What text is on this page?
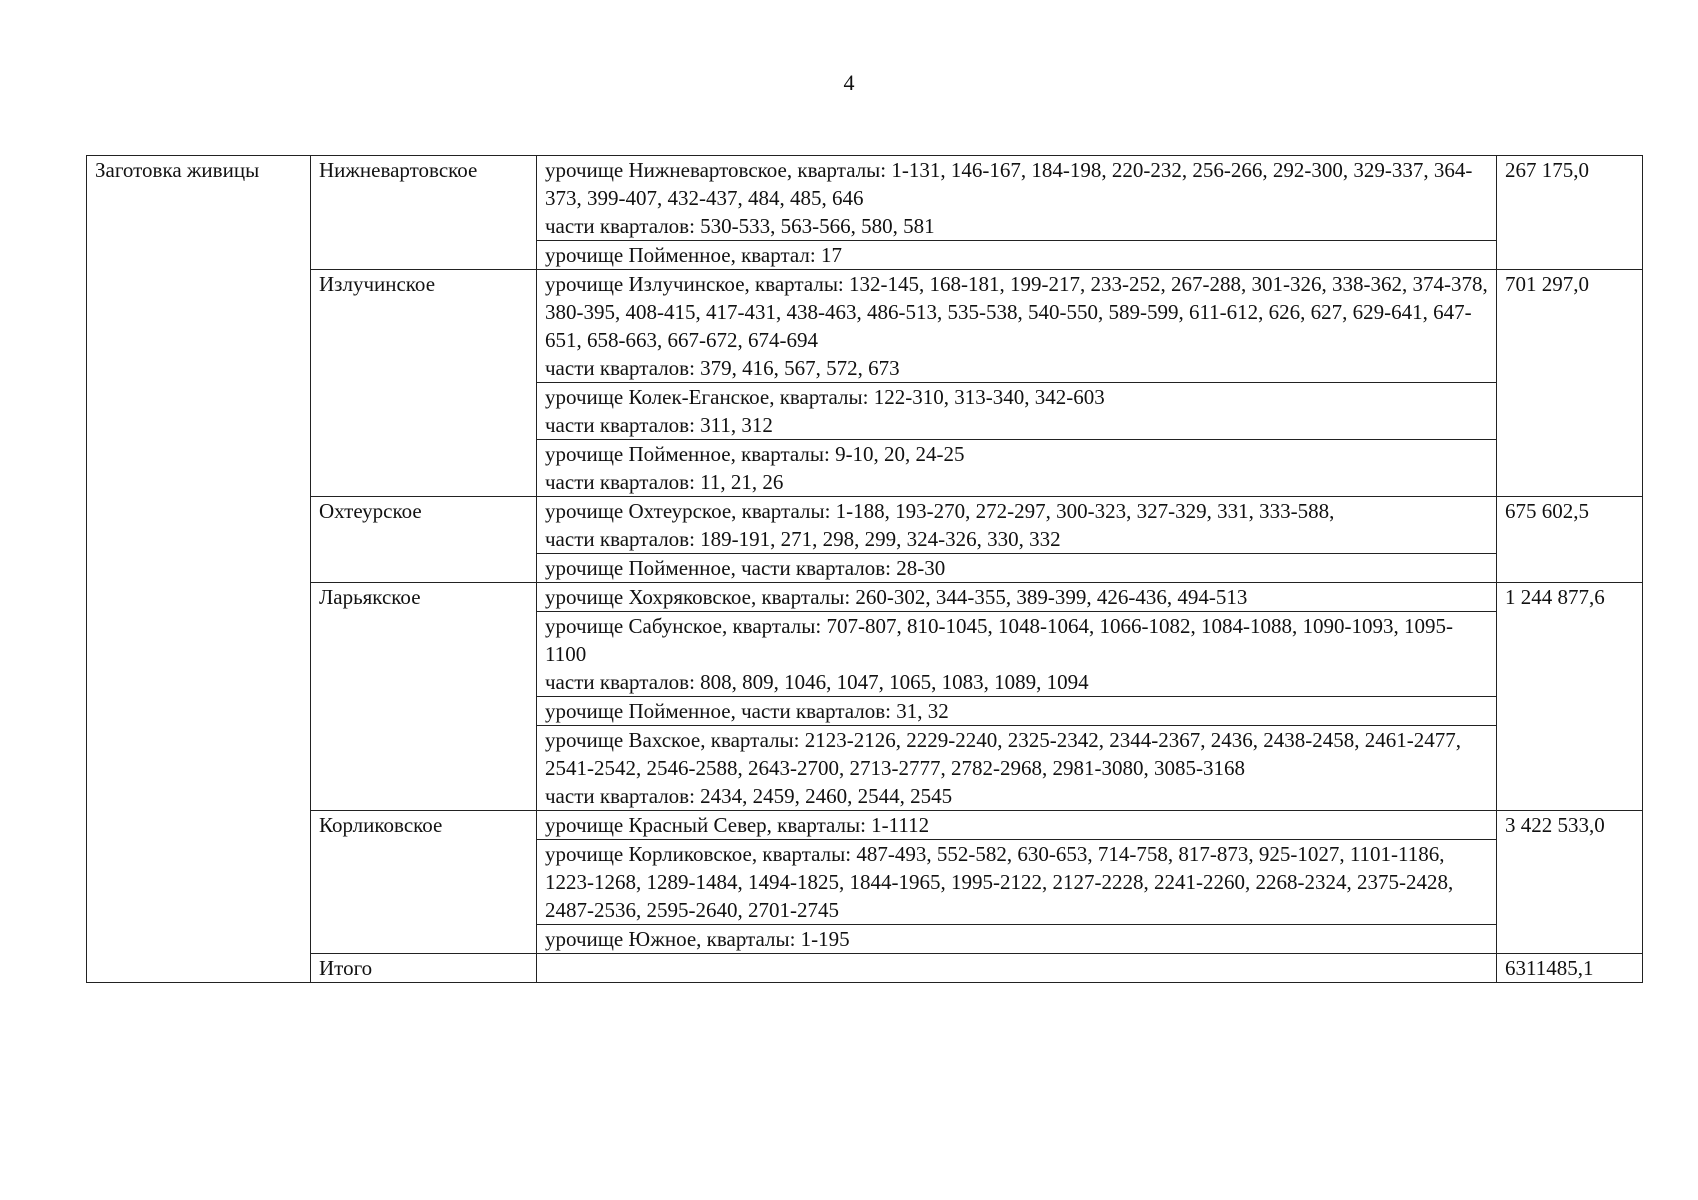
4
Заготовка живицы	Нижневартовское	урочище Нижневартовское, кварталы: 1-131, 146-167, 184-198, 220-232, 256-266, 292-300, 329-337, 364-373, 399-407, 432-437, 484, 485, 646
части кварталов: 530-533, 563-566, 580, 581	267 175,0

		урочище Пойменное, квартал: 17	

	Излучинское	урочище Излучинское, кварталы: 132-145, 168-181, 199-217, 233-252, 267-288, 301-326, 338-362, 374-378, 380-395, 408-415, 417-431, 438-463, 486-513, 535-538, 540-550, 589-599, 611-612, 626, 627, 629-641, 647-651, 658-663, 667-672, 674-694
части кварталов: 379, 416, 567, 572, 673	701 297,0

		урочище Колек-Еганское, кварталы: 122-310, 313-340, 342-603
части кварталов: 311, 312	

		урочище Пойменное, кварталы: 9-10, 20, 24-25
части кварталов: 11, 21, 26	

	Охтеурское	урочище Охтеурское, кварталы: 1-188, 193-270, 272-297, 300-323, 327-329, 331, 333-588,
части кварталов: 189-191, 271, 298, 299, 324-326, 330, 332	675 602,5

		урочище Пойменное, части кварталов: 28-30	

	Ларьякское	урочище Хохряковское, кварталы: 260-302, 344-355, 389-399, 426-436, 494-513	1 244 877,6

		урочище Сабунское, кварталы: 707-807, 810-1045, 1048-1064, 1066-1082, 1084-1088, 1090-1093, 1095-1100
части кварталов: 808, 809, 1046, 1047, 1065, 1083, 1089, 1094	

		урочище Пойменное, части кварталов: 31, 32	

		урочище Вахское, кварталы: 2123-2126, 2229-2240, 2325-2342, 2344-2367, 2436, 2438-2458, 2461-2477, 2541-2542, 2546-2588, 2643-2700, 2713-2777, 2782-2968, 2981-3080, 3085-3168
части кварталов: 2434, 2459, 2460, 2544, 2545	

	Корликовское	урочище Красный Север, кварталы: 1-1112	3 422 533,0

		урочище Корликовское, кварталы: 487-493, 552-582, 630-653, 714-758, 817-873, 925-1027, 1101-1186, 1223-1268, 1289-1484, 1494-1825, 1844-1965, 1995-2122, 2127-2228, 2241-2260, 2268-2324, 2375-2428, 2487-2536, 2595-2640, 2701-2745	

		урочище Южное, кварталы: 1-195	

	Итого		6311485,1
